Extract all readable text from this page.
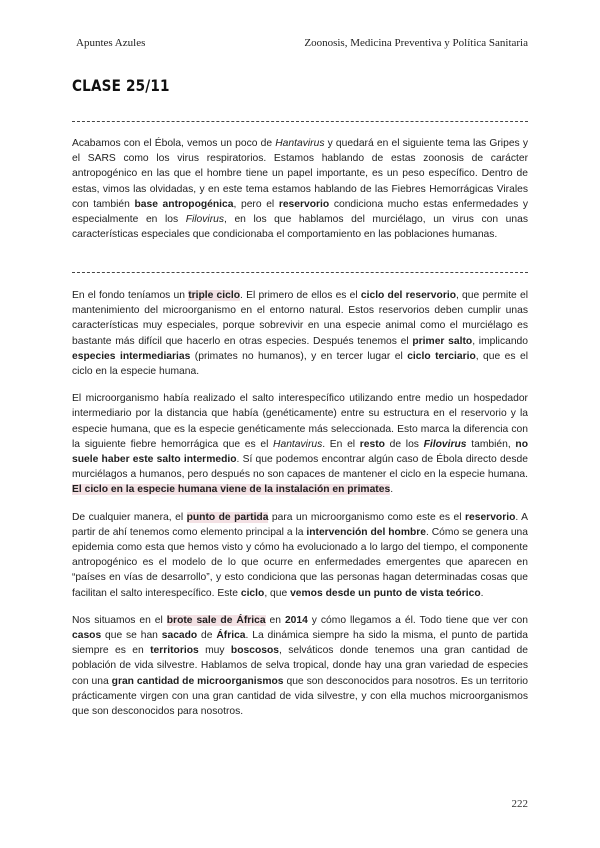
Apuntes Azules	Zoonosis, Medicina Preventiva y Política Sanitaria
CLASE 25/11

Acabamos con el Ébola, vemos un poco de Hantavirus y quedará en el siguiente tema las Gripes y el SARS como los virus respiratorios. Estamos hablando de estas zoonosis de carácter antropogénico en las que el hombre tiene un papel importante, es un peso específico. Dentro de estas, vimos las olvidadas, y en este tema estamos hablando de las Fiebres Hemorrágicas Virales con también base antropogénica, pero el reservorio condiciona mucho estas enfermedades y especialmente en los Filovirus, en los que hablamos del murciélago, un virus con unas características especiales que condicionaba el comportamiento en las poblaciones humanas.

En el fondo teníamos un triple ciclo. El primero de ellos es el ciclo del reservorio, que permite el mantenimiento del microorganismo en el entorno natural. Estos reservorios deben cumplir unas características muy especiales, porque sobrevivir en una especie animal como el murciélago es bastante más difícil que hacerlo en otras especies. Después tenemos el primer salto, implicando especies intermediarias (primates no humanos), y en tercer lugar el ciclo terciario, que es el ciclo en la especie humana.

El microorganismo había realizado el salto interespecífico utilizando entre medio un hospedador intermediario por la distancia que había (genéticamente) entre su estructura en el reservorio y la especie humana, que es la especie genéticamente más seleccionada. Esto marca la diferencia con la siguiente fiebre hemorrágica que es el Hantavirus. En el resto de los Filovirus también, no suele haber este salto intermedio. Sí que podemos encontrar algún caso de Ébola directo desde murciélagos a humanos, pero después no son capaces de mantener el ciclo en la especie humana. El ciclo en la especie humana viene de la instalación en primates.

De cualquier manera, el punto de partida para un microorganismo como este es el reservorio. A partir de ahí tenemos como elemento principal a la intervención del hombre. Cómo se genera una epidemia como esta que hemos visto y cómo ha evolucionado a lo largo del tiempo, el componente antropogénico es el modelo de lo que ocurre en enfermedades emergentes que aparecen en “países en vías de desarrollo”, y esto condiciona que las personas hagan determinadas cosas que facilitan el salto interespecífico. Este ciclo, que vemos desde un punto de vista teórico.

Nos situamos en el brote sale de África en 2014 y cómo llegamos a él. Todo tiene que ver con casos que se han sacado de África. La dinámica siempre ha sido la misma, el punto de partida siempre es en territorios muy boscosos, selváticos donde tenemos una gran cantidad de población de vida silvestre. Hablamos de selva tropical, donde hay una gran variedad de especies con una gran cantidad de microorganismos que son desconocidos para nosotros. Es un territorio prácticamente virgen con una gran cantidad de vida silvestre, y con ella muchos microorganismos que son desconocidos para nosotros.

222
